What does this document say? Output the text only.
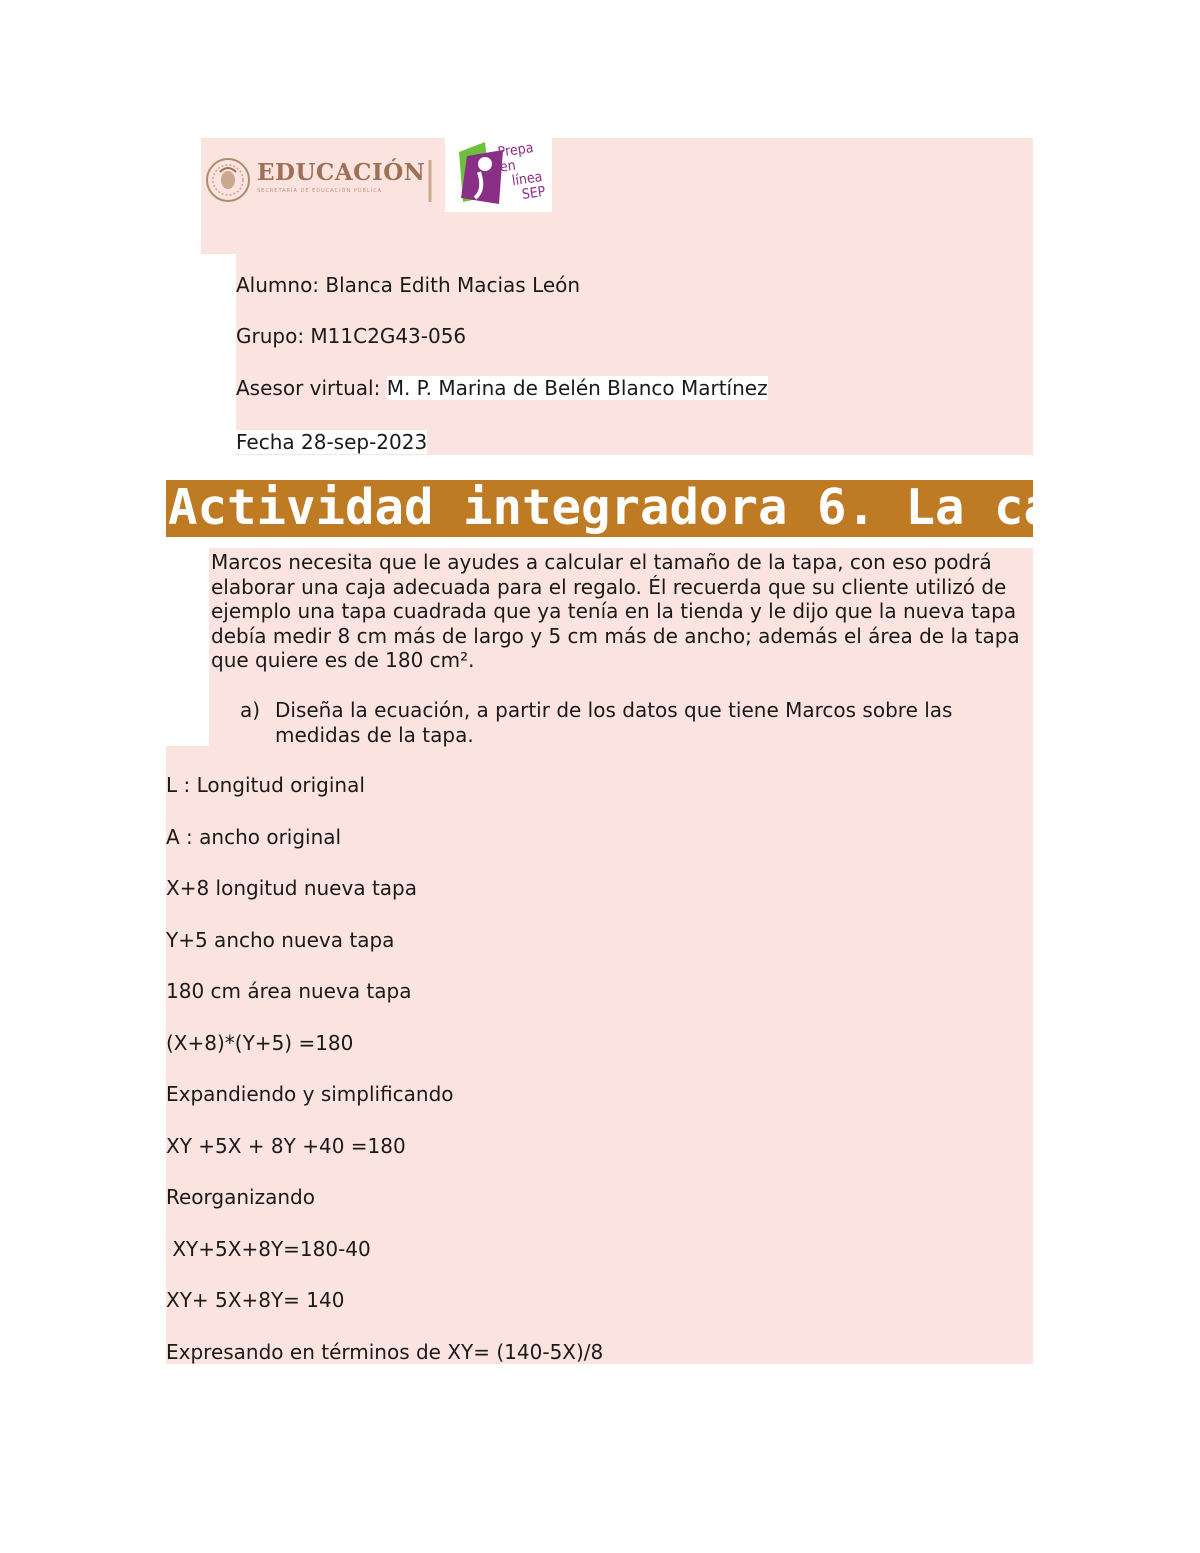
EDUCACIÓN
SECRETARÍA DE EDUCACIÓN PÚBLICA
Prepa en
línea
SEP
Alumno: Blanca Edith Macias León
Grupo: M11C2G43-056
Asesor virtual: M. P. Marina de Belén Blanco Martínez
Fecha 28-sep-2023
Actividad integradora 6. La caja
Marcos necesita que le ayudes a calcular el tamaño de la tapa, con eso podrá elaborar una caja adecuada para el regalo. Él recuerda que su cliente utilizó de ejemplo una tapa cuadrada que ya tenía en la tienda y le dijo que la nueva tapa debía medir 8 cm más de largo y 5 cm más de ancho; además el área de la tapa que quiere es de 180 cm².
a) Diseña la ecuación, a partir de los datos que tiene Marcos sobre las medidas de la tapa.
L : Longitud original
A : ancho original
X+8 longitud nueva tapa
Y+5 ancho nueva tapa
180 cm área nueva tapa
(X+8)*(Y+5) =180
Expandiendo y simplificando
XY +5X + 8Y +40 =180
Reorganizando
XY+5X+8Y=180-40
XY+ 5X+8Y= 140
Expresando en términos de XY= (140-5X)/8
